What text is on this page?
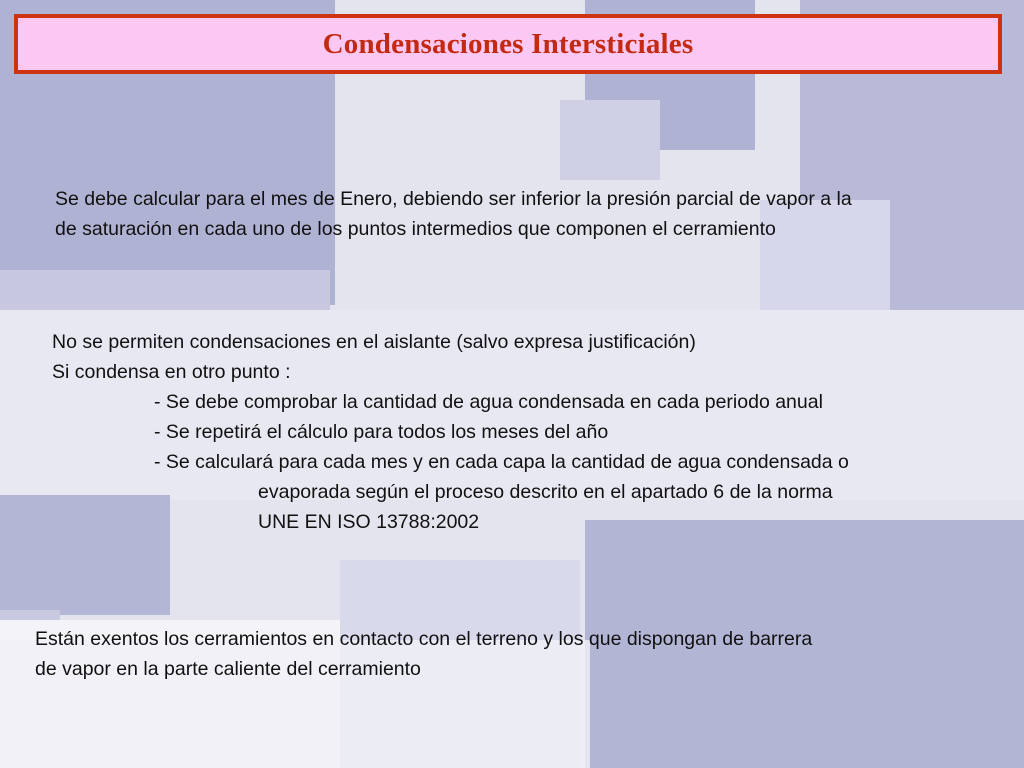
Condensaciones Intersticiales
Se debe calcular para el mes de Enero, debiendo ser inferior la presión parcial de vapor a la
de saturación en cada uno de los puntos intermedios que componen el cerramiento
No se permiten condensaciones en el aislante (salvo expresa justificación)
Si condensa en otro punto :
- Se debe comprobar la cantidad de agua condensada en cada periodo anual
- Se repetirá el cálculo para todos los meses del año
- Se calculará para cada mes y en cada capa la cantidad de agua condensada o
evaporada según el proceso descrito en el apartado 6 de la norma
UNE EN ISO 13788:2002
Están exentos los cerramientos en contacto con el terreno y los que dispongan de barrera
de vapor en la parte caliente del cerramiento
